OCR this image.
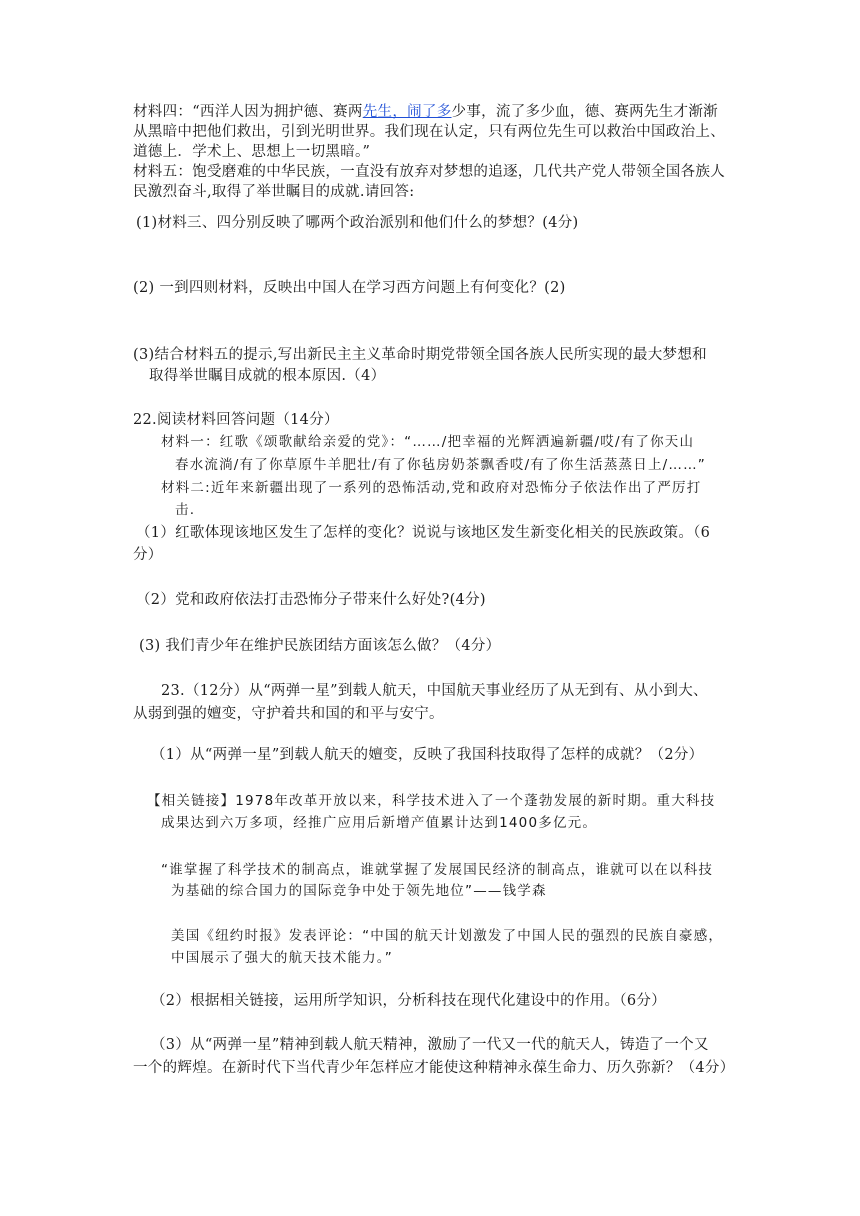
材料四：“西洋人因为拥护德、赛两先生，闹了多少事，流了多少血，德、赛两先生才渐渐
从黑暗中把他们救出，引到光明世界。我们现在认定，只有两位先生可以救治中国政治上、
道德上．学术上、思想上一切黑暗。”
材料五：饱受磨难的中华民族，一直没有放弃对梦想的追逐，几代共产党人带领全国各族人
民激烈奋斗,取得了举世瞩目的成就.请回答:
(1)材料三、四分别反映了哪两个政治派别和他们什么的梦想？(4分)
(2) 一到四则材料，反映出中国人在学习西方问题上有何变化？(2)
(3)结合材料五的提示,写出新民主主义革命时期党带领全国各族人民所实现的最大梦想和
取得举世瞩目成就的根本原因.（4）
22.阅读材料回答问题（14分）
材料一：红歌《颂歌献给亲爱的党》：“……/把幸福的光辉洒遍新疆/哎/有了你天山
春水流淌/有了你草原牛羊肥壮/有了你毡房奶茶飘香哎/有了你生活蒸蒸日上/……”
材料二:近年来新疆出现了一系列的恐怖活动,党和政府对恐怖分子依法作出了严厉打
击.
（1）红歌体现该地区发生了怎样的变化？说说与该地区发生新变化相关的民族政策。（6
分）
（2）党和政府依法打击恐怖分子带来什么好处?(4分)
(3) 我们青少年在维护民族团结方面该怎么做？（4分）
23.（12分）从“两弹一星”到载人航天，中国航天事业经历了从无到有、从小到大、
从弱到强的嬗变，守护着共和国的和平与安宁。
（1）从“两弹一星”到载人航天的嬗变，反映了我国科技取得了怎样的成就？（2分）
【相关链接】1978年改革开放以来，科学技术进入了一个蓬勃发展的新时期。重大科技
成果达到六万多项，经推广应用后新增产值累计达到1400多亿元。
“谁掌握了科学技术的制高点，谁就掌握了发展国民经济的制高点，谁就可以在以科技
为基础的综合国力的国际竞争中处于领先地位”——钱学森
美国《纽约时报》发表评论：“中国的航天计划激发了中国人民的强烈的民族自豪感，
中国展示了强大的航天技术能力。”
（2）根据相关链接，运用所学知识，分析科技在现代化建设中的作用。（6分）
（3）从“两弹一星”精神到载人航天精神，激励了一代又一代的航天人，铸造了一个又
一个的辉煌。在新时代下当代青少年怎样应才能使这种精神永葆生命力、历久弥新？（4分）
